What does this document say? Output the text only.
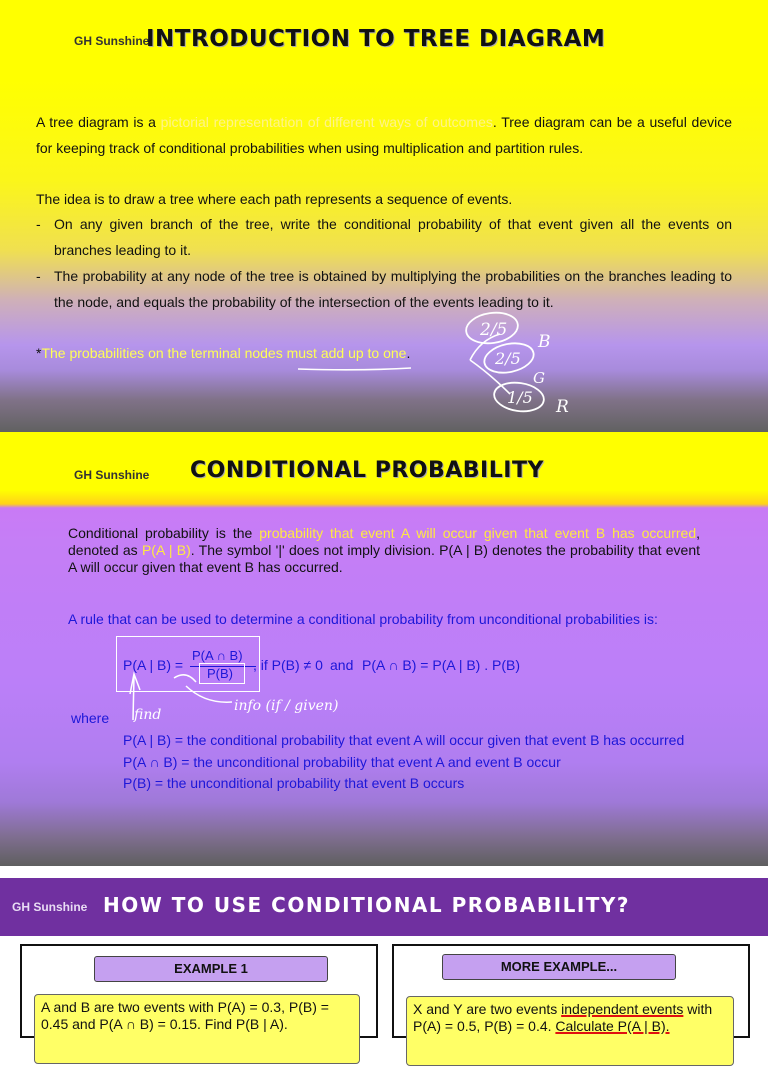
GH Sunshine
INTRODUCTION TO TREE DIAGRAM
A tree diagram is a pictorial representation of different ways of outcomes. Tree diagram can be a useful device for keeping track of conditional probabilities when using multiplication and partition rules.
The idea is to draw a tree where each path represents a sequence of events.
- On any given branch of the tree, write the conditional probability of that event given all the events on branches leading to it.
- The probability at any node of the tree is obtained by multiplying the probabilities on the branches leading to the node, and equals the probability of the intersection of the events leading to it.
*The probabilities on the terminal nodes must add up to one.
2/5
B
2/5
G
1/5 R
GH Sunshine CONDITIONAL PROBABILITY
Conditional probability is the probability that event A will occur given that event B has occurred, denoted as P(A | B). The symbol '|' does not imply division. P(A | B) denotes the probability that event A will occur given that event B has occurred.
A rule that can be used to determine a conditional probability from unconditional probabilities is:
P(A | B) =
P(A ∩ B)
P(B)
, if P(B) ≠ 0 and P(A ∩ B) = P(A | B) . P(B)
where
P(A | B) = the conditional probability that event A will occur given that event B has occurred
P(A ∩ B) = the unconditional probability that event A and event B occur
P(B) = the unconditional probability that event B occurs
find
info (if / given)
GH Sunshine HOW TO USE CONDITIONAL PROBABILITY?
EXAMPLE 1
A and B are two events with P(A) = 0.3, P(B) = 0.45 and P(A ∩ B) = 0.15. Find P(B | A).
MORE EXAMPLE...
X and Y are two events independent events with P(A) = 0.5, P(B) = 0.4. Calculate P(A | B).
